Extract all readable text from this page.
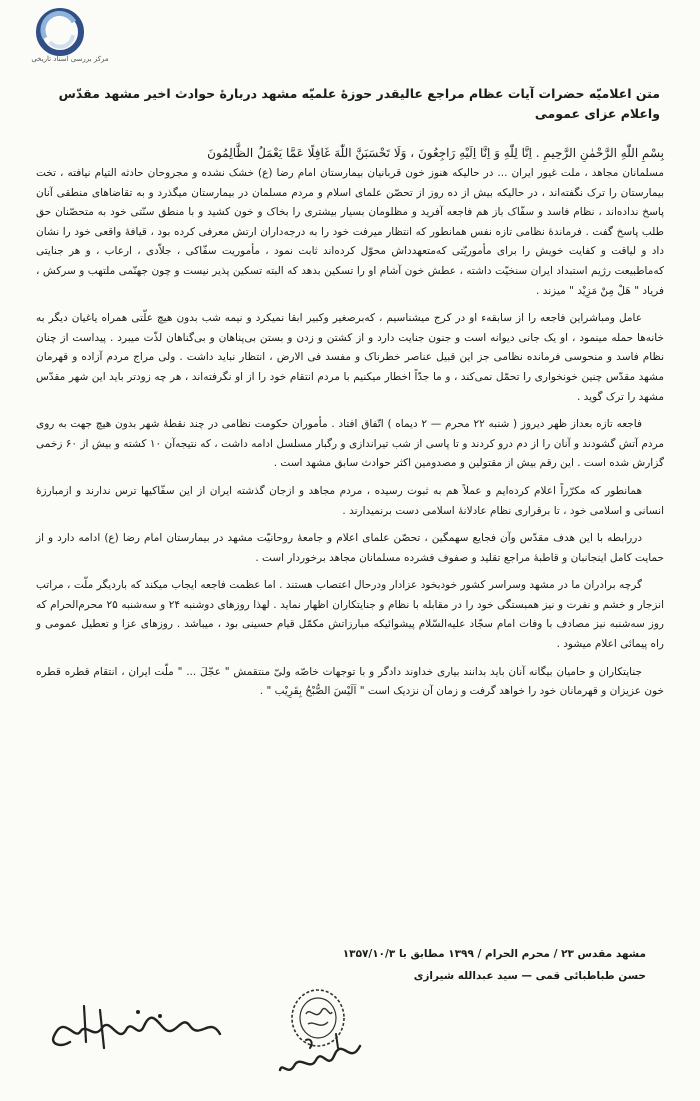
مرکز بررسی اسناد تاریخی
متن اعلامیّه حضرات آیات عظام مراجع عالیقدر حوزهٔ علمیّه مشهد دربارهٔ حوادث اخیر مشهد مقدّس واعلام عزای عمومی
بِسْمِ اللّٰهِ الرَّحْمٰنِ الرَّحِیمِ . اِنَّا لِلّٰهِ وَ اِنَّا اِلَیْهِ رَاجِعُونَ ، وَلَا تَحْسَبَنَّ اللّٰهَ غَافِلًا عَمَّا یَعْمَلُ الظَّالِمُونَ

مسلمانان مجاهد ، ملت غیور ایران ... در حالیکه هنوز خون قربانیان بیمارستان امام رضا (ع) خشک نشده و مجروحان حادثه التیام نیافته ، تخت بیمارستان را ترک نگفته‌اند ، در حالیکه بیش از ده روز از تحصّن علمای اسلام و مردم مسلمان در بیمارستان میگذرد و به تقاضاهای منطقی آنان پاسخ نداده‌اند ، نظام فاسد و سفّاک باز هم فاجعه آفرید و مظلومان بسیار بیشتری را بخاک و خون کشید و با منطق سنّتی خود به متحصّنان حق طلب پاسخ گفت . فرماندهٔ نظامی تازه نفس همانطور که انتظار میرفت خود را به درجه‌داران ارتش معرفی کرده بود ، قیافهٔ واقعی خود را نشان داد و لیاقت و کفایت خویش را برای مأموریّتی که‌متعهدداش محوّل کرده‌اند ثابت نمود ، مأموریت سفّاکی ، جلاّدی ، ارعاب ، و هر جنایتی که‌ماطبیعت رژیم استبداد ایران سنخیّت داشته ، عطش خون آشام او را تسکین بدهد که البته تسکین پذیر نیست و چون جهنّمی ملتهب و سرکش ، فریاد " هَلْ مِنْ مَزِیْد " میزند .

عامل ومباشراین فاجعه را از سابقه‌ء او در کرج میشناسیم ، که‌برصغیر وکبیر ابقا نمیکرد و نیمه شب بدون هیچ علّتی همراه یاغیان دیگر به خانه‌ها حمله مینمود ، او یک جانی دیوانه است و جنون جنایت دارد و از کشتن و زدن و بستن بی‌پناهان و بی‌گناهان لذّت میبرد . پیداست از چنان نظام فاسد و منحوسی فرمانده نظامی جز این قبیل عناصر خطرناک و مفسد فی الارض ، انتظار نباید داشت . ولی مراج مردم آزاده و قهرمان مشهد مقدّس چنین خونخواری را تحمّل نمی‌کند ، و ما جدّاً اخطار میکنیم با مردم انتقام خود را از او نگرفته‌اند ، هر چه زودتر باید این شهر مقدّس مشهد را ترک گوید .

فاجعه تازه بعداز ظهر دیروز ( شنبه ۲۲ محرم — ۲ دیماه ) اتّفاق افتاد . مأموران حکومت نظامی در چند نقطهٔ شهر بدون هیچ جهت به روی مردم آتش گشودند و آنان را از دم درو کردند و تا پاسی از شب تیراندازی و رگبار مسلسل ادامه داشت ، که نتیجه‌آن ۱۰ کشته و بیش از ۶۰ زخمی گزارش شده است . این رقم بیش از مقتولین و مصدومین اکثر حوادث سابق مشهد است .

همانطور که مکرّراً اعلام کرده‌ایم و عملاً هم به ثبوت رسیده ، مردم مجاهد و ازجان گذشته ایران از این سفّاکیها ترس ندارند و ازمبارزهٔ انسانی و اسلامی خود ، تا برقراری نظام عادلانهٔ اسلامی دست برنمیدارند .

دررابطه با این هدف مقدّس وآن فجایع سهمگین ، تحصّن علمای اعلام و جامعهٔ روحانیّت مشهد در بیمارستان امام رضا (ع) ادامه دارد و از حمایت کامل اینجانبان و قاطبهٔ مراجع تقلید و صفوف فشرده مسلمانان مجاهد برخوردار است .

گرچه برادران ما در مشهد وسراسر کشور خودبخود عزادار ودرحال اعتصاب هستند . اما عظمت فاجعه ایجاب میکند که باردیگر ملّت ، مراتب انزجار و خشم و نفرت و نیز همبستگی خود را در مقابله با نظام و جنایتکاران اظهار نماید . لهذا روزهای دوشنبه ۲۴ و سه‌شنبه ۲۵ محرم‌الحرام که روز سه‌شنبه نیز مصادف با وفات امام سجّاد علیه‌السّلام پیشوائیکه مبارزاتش مکمّل قیام حسینی بود ، میباشد . روزهای عزا و تعطیل عمومی و راه پیمائی اعلام میشود .

جنایتکاران و حامیان بیگانه آنان باید بدانند بیاری خداوند دادگر و با توجهات خاصّه ولیّ منتقمش " عجّلَ ... " ملّت ایران ، انتقام قطره قطره خون عزیزان و قهرمانان خود را خواهد گرفت و زمان آن نزدیک است " اَلَیْسَ الصُّبْحُ بِقَرِیْب " .

مشهد مقدس ۲۳ / محرم الحرام / ۱۳۹۹ مطابق با ۱۳۵۷/۱۰/۳
حسن طباطبائی قمی — سید عبدالله شیرازی
